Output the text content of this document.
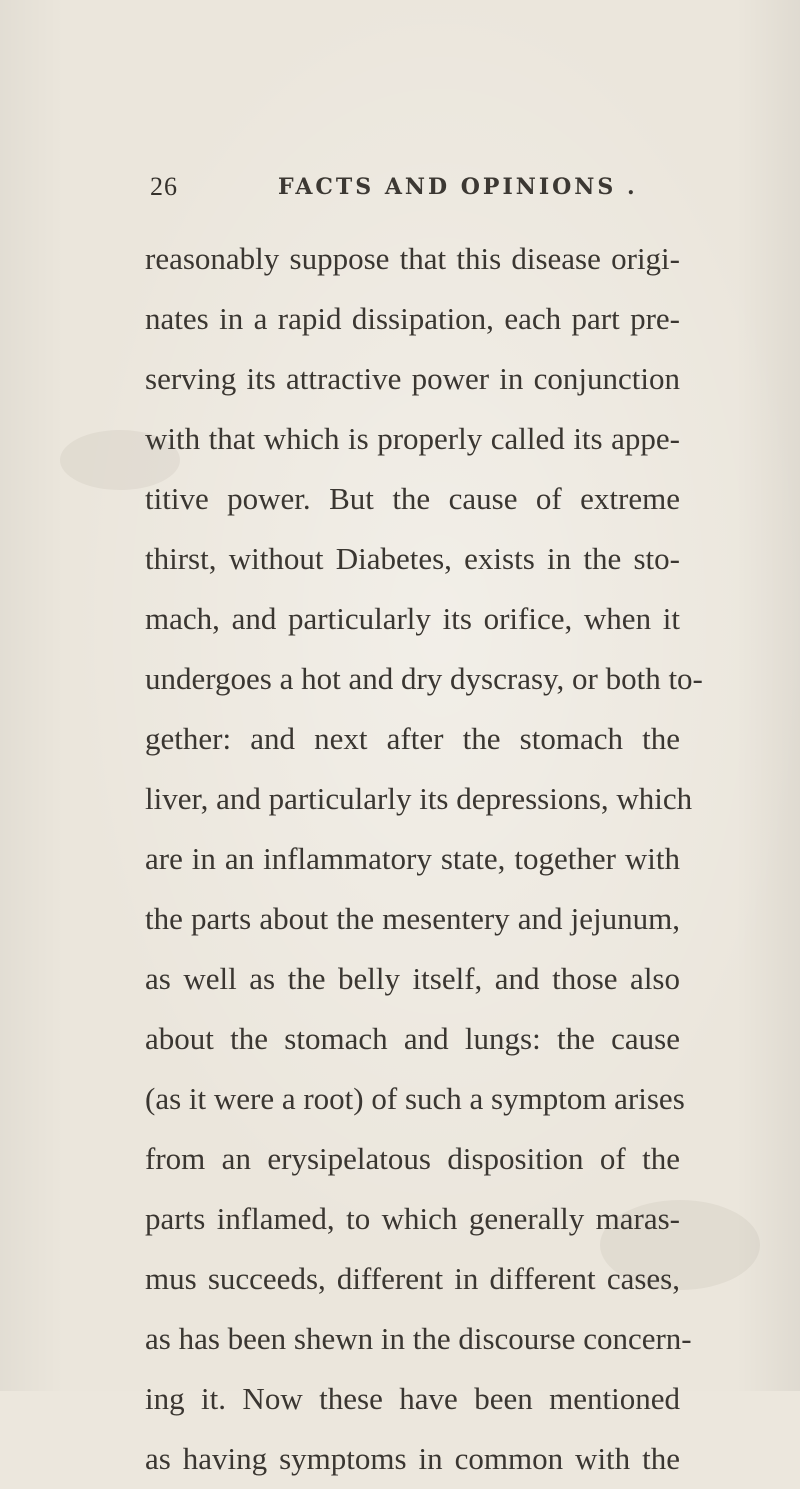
26	FACTS AND OPINIONS .
reasonably suppose that this disease origi-
nates in a rapid dissipation, each part pre-
serving its attractive power in conjunction
with that which is properly called its appe-
titive power. But the cause of extreme
thirst, without Diabetes, exists in the sto-
mach, and particularly its orifice, when it
undergoes a hot and dry dyscrasy, or both to-
gether: and next after the stomach the
liver, and particularly its depressions, which
are in an inflammatory state, together with
the parts about the mesentery and jejunum,
as well as the belly itself, and those also
about the stomach and lungs: the cause
(as it were a root) of such a symptom arises
from an erysipelatous disposition of the
parts inflamed, to which generally maras-
mus succeeds, different in different cases,
as has been shewn in the discourse concern-
ing it. Now these have been mentioned
as having symptoms in common with the
